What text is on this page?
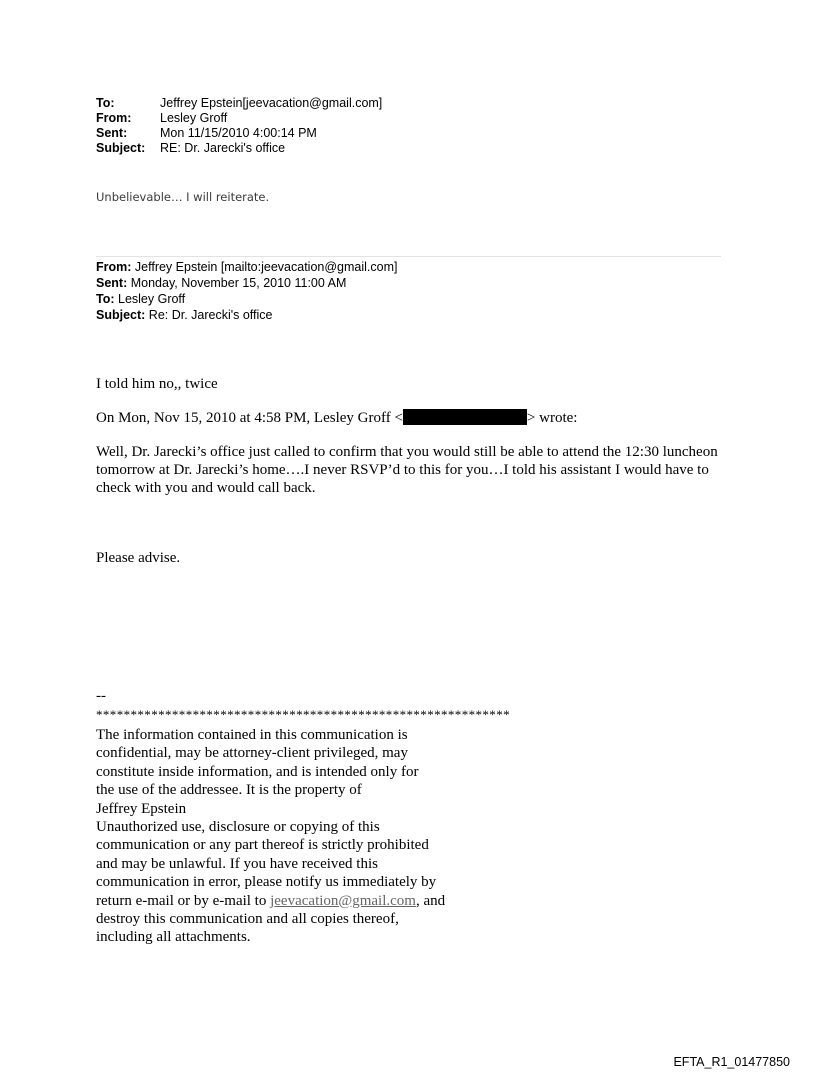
To:	Jeffrey Epstein[jeevacation@gmail.com]
From:	Lesley Groff
Sent:	Mon 11/15/2010 4:00:14 PM
Subject:	RE: Dr. Jarecki's office
Unbelievable… I will reiterate.
From: Jeffrey Epstein [mailto:jeevacation@gmail.com]
Sent: Monday, November 15, 2010 11:00 AM
To: Lesley Groff
Subject: Re: Dr. Jarecki's office
I told him no,, twice
On Mon, Nov 15, 2010 at 4:58 PM, Lesley Groff <	> wrote:
Well, Dr. Jarecki’s office just called to confirm that you would still be able to attend the 12:30 luncheon tomorrow at Dr. Jarecki’s home….I never RSVP’d to this for you…I told his assistant I would have to check with you and would call back.
Please advise.
--
************************************************************
The information contained in this communication is
confidential, may be attorney-client privileged, may
constitute inside information, and is intended only for
the use of the addressee. It is the property of
Jeffrey Epstein
Unauthorized use, disclosure or copying of this
communication or any part thereof is strictly prohibited
and may be unlawful. If you have received this
communication in error, please notify us immediately by
return e-mail or by e-mail to jeevacation@gmail.com, and
destroy this communication and all copies thereof,
including all attachments.
EFTA_R1_01477850
